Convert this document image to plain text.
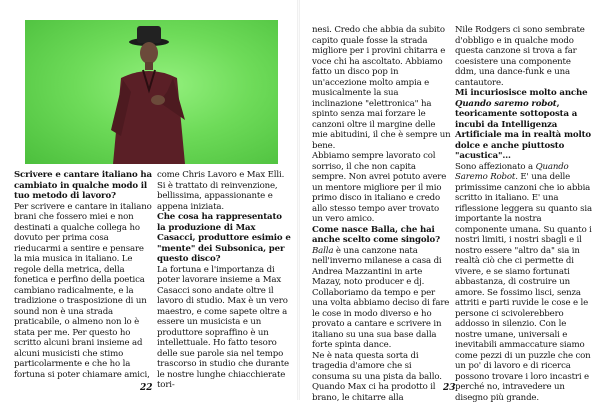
Scrivere e cantare italiano ha cambiato in qualche modo il tuo metodo di lavoro?

Per scrivere e cantare in italiano brani che fossero miei e non destinati a qualche collega ho dovuto per prima cosa rieducarmi a sentire e pensare la mia musica in italiano. Le regole della metrica, della fonetica e perfino della poetica cambiano radicalmente, e la tradizione o trasposizione di un sound non è una strada praticabile, o almeno non lo è stata per me. Per questo ho scritto alcuni brani insieme ad alcuni musicisti che stimo particolarmente e che ho la fortuna si poter chiamare amici,

come Chris Lavoro e Max Elli.

Si è trattato di reinvenzione, bellissima, appassionante e appena iniziata.

Che cosa ha rappresentato la produzione di Max Casacci, produttore esimio e "mente" dei Subsonica, per questo disco?

La fortuna e l'importanza di poter lavorare insieme a Max Casacci sono andate oltre il lavoro di studio. Max è un vero maestro, e come sapete oltre a essere un musicista e un produttore sopraffino è un intellettuale. Ho fatto tesoro delle sue parole sia nel tempo trascorso in studio che durante le nostre lunghe chiacchierate tori-

nesi. Credo che abbia da subito capito quale fosse la strada migliore per i provini chitarra e voce chi ha ascoltato. Abbiamo fatto un disco pop in un'accezione molto ampia e musicalmente la sua inclinazione "elettronica" ha spinto senza mai forzare le canzoni oltre il margine delle mie abitudini, il che è sempre un bene.

Abbiamo sempre lavorato col sorriso, il che non capita sempre. Non avrei potuto avere un mentore migliore per il mio primo disco in italiano e credo allo stesso tempo aver trovato un vero amico.

Come nasce Balla, che hai anche scelto come singolo?

Balla è una canzone nata nell'inverno milanese a casa di Andrea Mazzantini in arte Mazay, noto producer e dj. Collaboriamo da tempo e per una volta abbiamo deciso di fare le cose in modo diverso e ho provato a cantare e scrivere in italiano su una sua base dalla forte spinta dance.

Ne è nata questa sorta di tragedia d'amore che si consuma su una pista da ballo. Quando Max ci ha prodotto il brano, le chitarre alla

Nile Rodgers ci sono sembrate d'obbligo e in qualche modo questa canzone si trova a far coesistere una componente ddm, una dance-funk e una cantautore.

Mi incuriosisce molto anche Quando saremo robot, teoricamente sottoposta a incubi da Intelligenza Artificiale ma in realtà molto dolce e anche piuttosto "acustica"…

Sono affezionato a Quando Saremo Robot. E' una delle primissime canzoni che io abbia scritto in italiano. E' una riflessione leggera su quanto sia importante la nostra componente umana. Su quanto i nostri limiti, i nostri sbagli e il nostro essere "altro da" sia in realtà ciò che ci permette di vivere, e se siamo fortunati abbastanza, di costruire un amore. Se fossimo lisci, senza attriti e parti ruvide le cose e le persone ci scivolerebbero addosso in silenzio. Con le nostre umane, universali e inevitabili ammaccature siamo come pezzi di un puzzle che con un po' di lavoro e di ricerca possono trovare i loro incastri e perché no, intravedere un disegno più grande.

22	23
